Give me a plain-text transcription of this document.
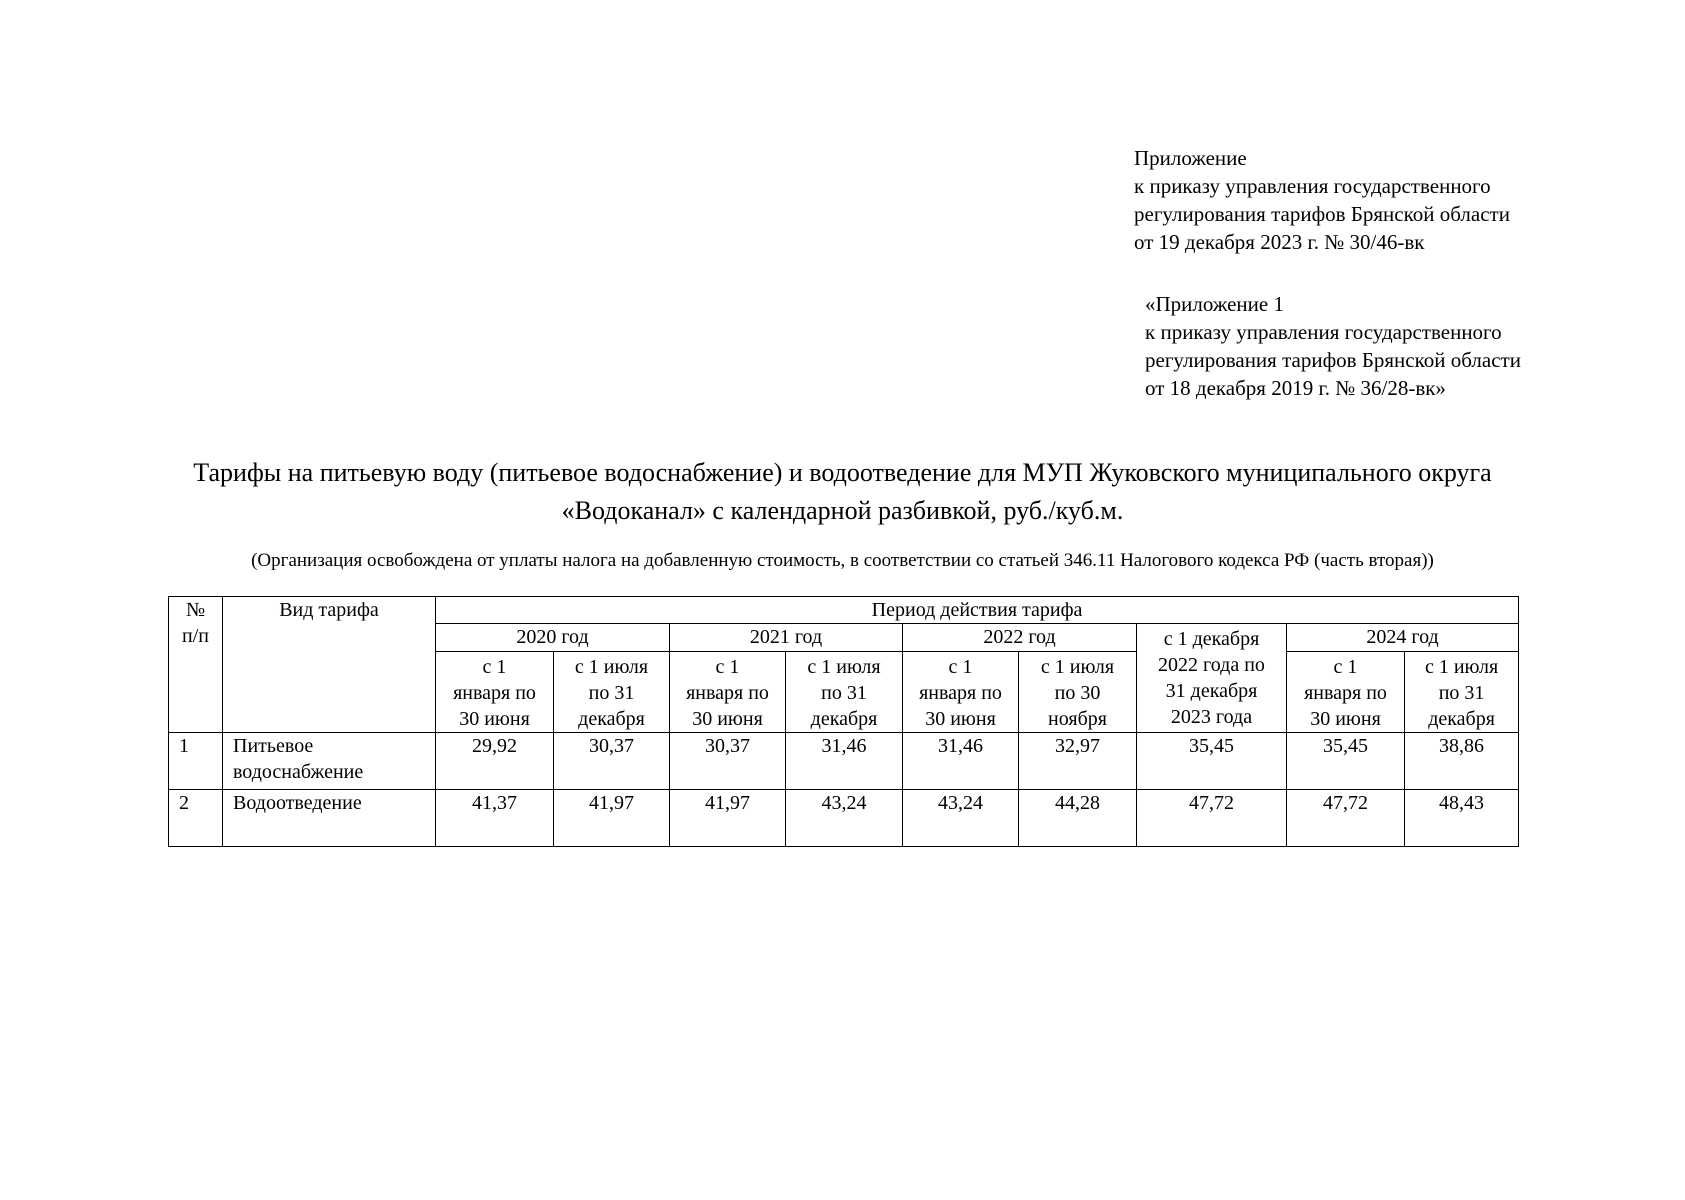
Приложение
к приказу управления государственного
регулирования тарифов Брянской области
от 19 декабря 2023 г. № 30/46-вк
«Приложение 1
к приказу управления государственного
регулирования тарифов Брянской области
от 18 декабря 2019 г. № 36/28-вк»
Тарифы на питьевую воду (питьевое водоснабжение) и водоотведение для МУП Жуковского муниципального округа
«Водоканал» с календарной разбивкой, руб./куб.м.
(Организация освобождена от уплаты налога на добавленную стоимость, в соответствии со статьей 346.11 Налогового кодекса РФ (часть вторая))
№
п/п	Вид тарифа	Период действия тарифа								
		2020 год		2021 год		2022 год		с 1 декабря
2022 года по
31 декабря
2023 года	2024 год	

		с 1
января по
30 июня	с 1 июля
по 31
декабря	с 1
января по
30 июня	с 1 июля
по 31
декабря	с 1
января по
30 июня	с 1 июля
по 30
ноября		с 1
января по
30 июня	с 1 июля
по 31
декабря

1	Питьевое
водоснабжение	29,92	30,37	30,37	31,46	31,46	32,97	35,45	35,45	38,86
2	Водоотведение	41,37	41,97	41,97	43,24	43,24	44,28	47,72	47,72	48,43
